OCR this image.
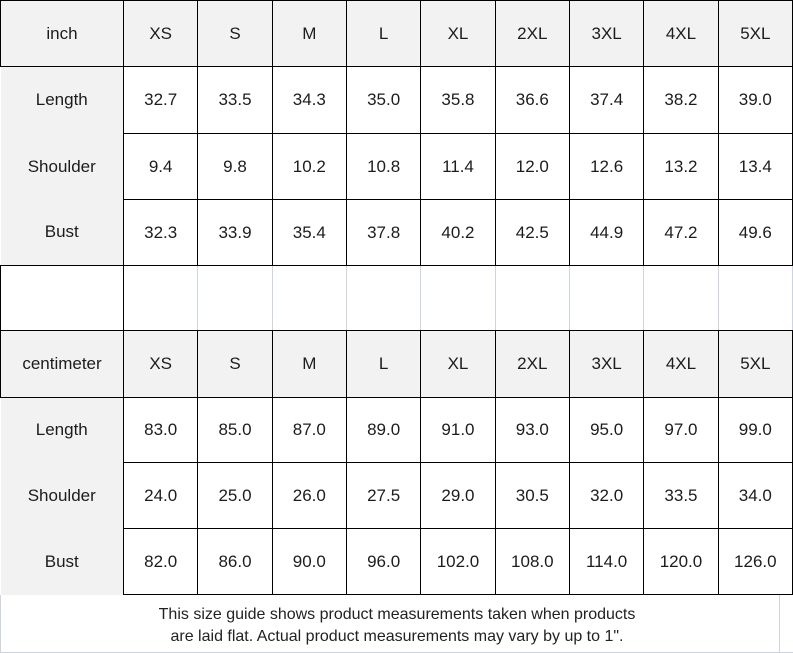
inch	XS	S	M	L	XL	2XL	3XL	4XL	5XL
Length	32.7	33.5	34.3	35.0	35.8	36.6	37.4	38.2	39.0
Shoulder	9.4	9.8	10.2	10.8	11.4	12.0	12.6	13.2	13.4
Bust	32.3	33.9	35.4	37.8	40.2	42.5	44.9	47.2	49.6

centimeter	XS	S	M	L	XL	2XL	3XL	4XL	5XL
Length	83.0	85.0	87.0	89.0	91.0	93.0	95.0	97.0	99.0
Shoulder	24.0	25.0	26.0	27.5	29.0	30.5	32.0	33.5	34.0
Bust	82.0	86.0	90.0	96.0	102.0	108.0	114.0	120.0	126.0
This size guide shows product measurements taken when products
are laid flat. Actual product measurements may vary by up to 1".
